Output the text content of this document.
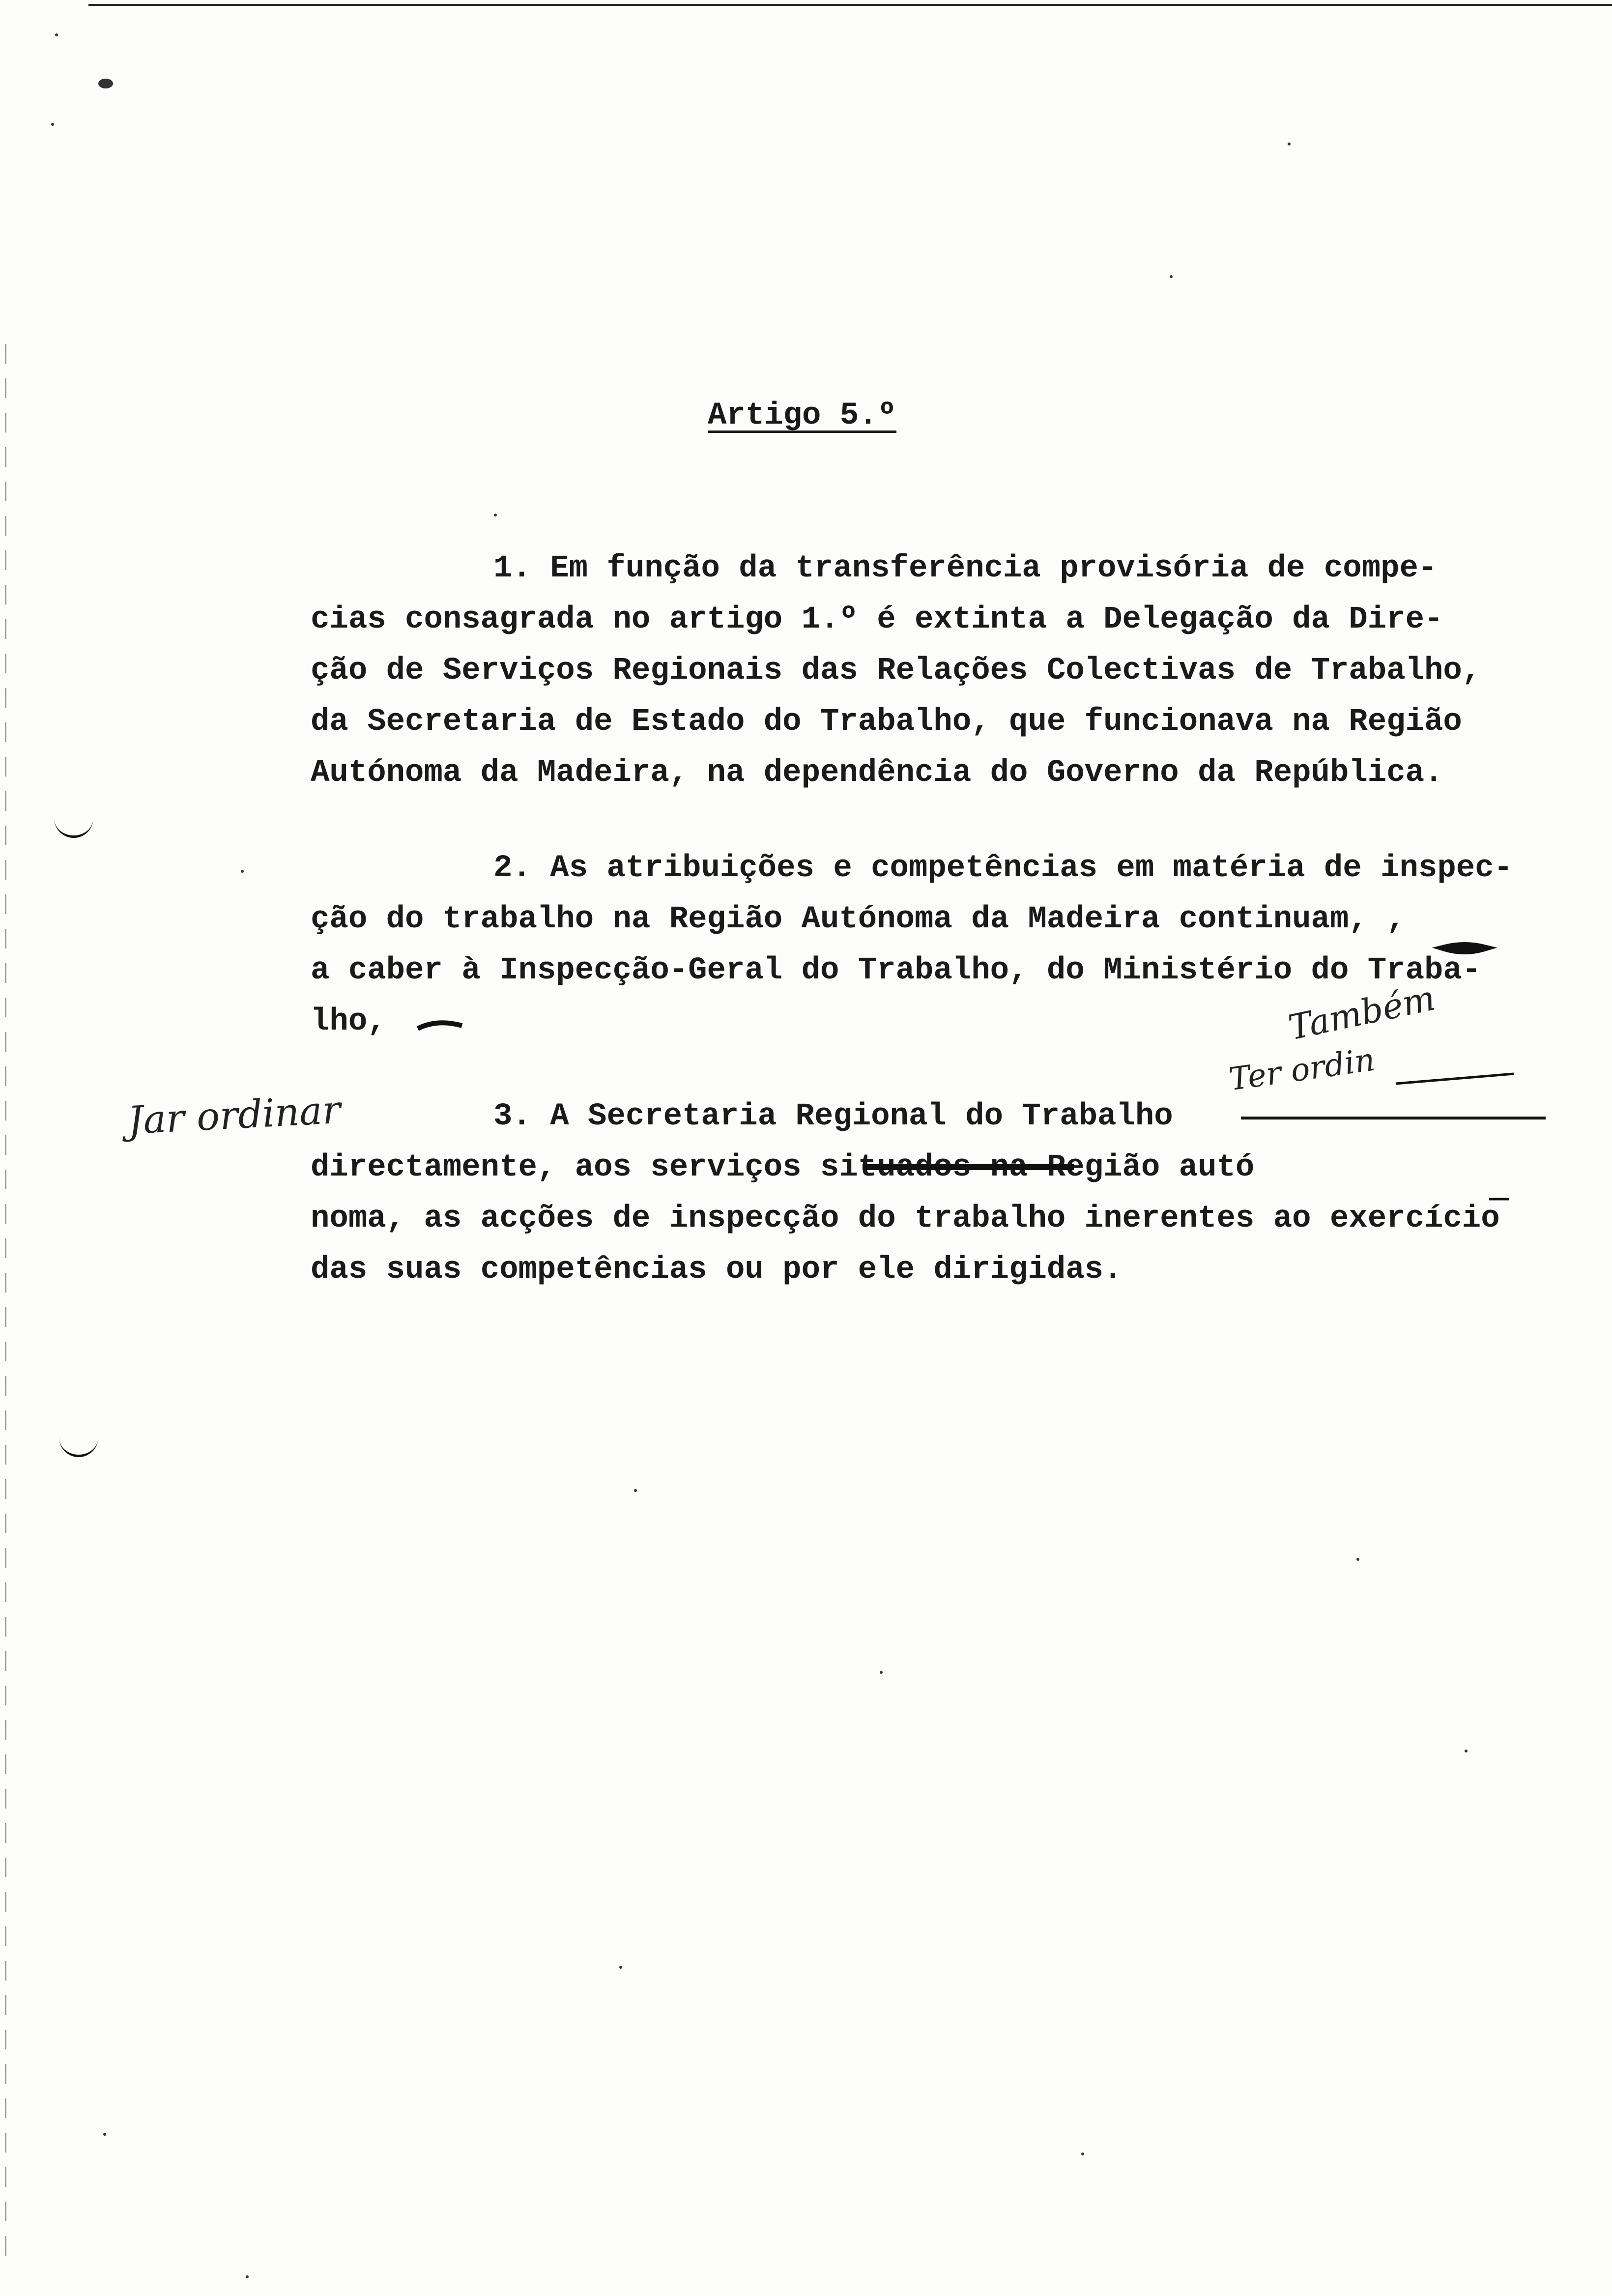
Artigo 5.º
1. Em função da transferência provisória de compe-
cias consagrada no artigo 1.º é extinta a Delegação da Dire-
ção de Serviços Regionais das Relações Colectivas de Trabalho,
da Secretaria de Estado do Trabalho, que funcionava na Região
Autónoma da Madeira, na dependência do Governo da República.
2. As atribuições e competências em matéria de inspec-
ção do trabalho na Região Autónoma da Madeira continuam, ,
a caber à Inspecção-Geral do Trabalho, do Ministério do Traba-
lho,
3. A Secretaria Regional do Trabalho
directamente, aos serviços situados na Região autó
noma, as acções de inspecção do trabalho inerentes ao exercício
das suas competências ou por ele dirigidas.
Jar ordinar
Também
Ter ordin
